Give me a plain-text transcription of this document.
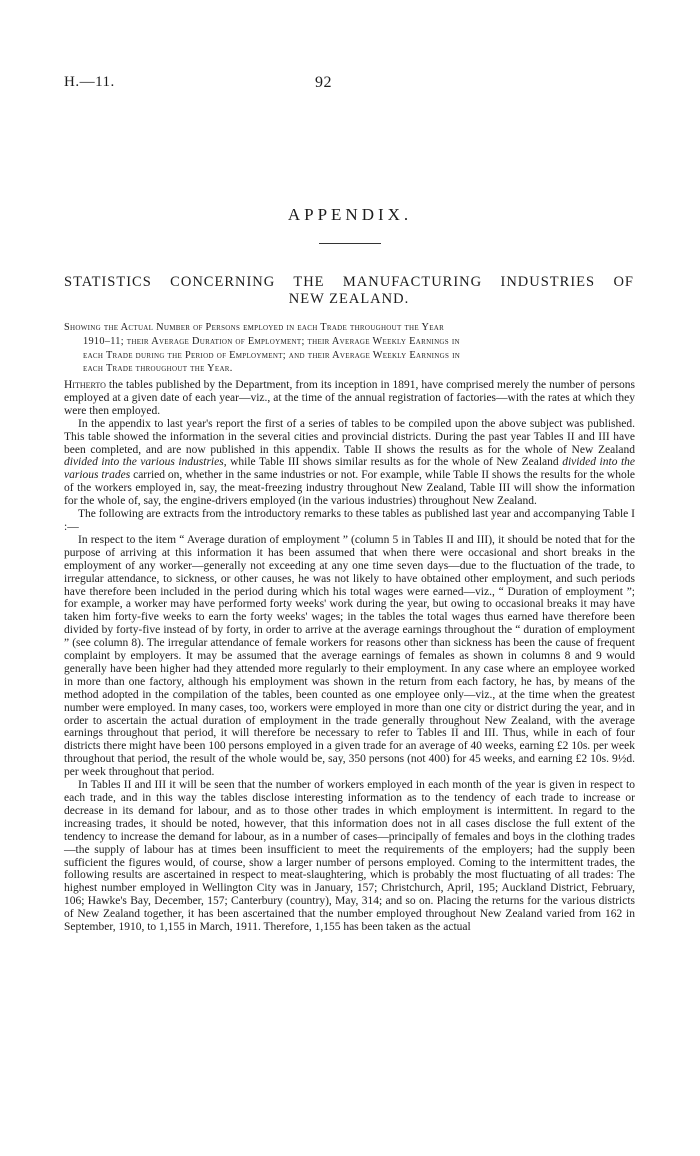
H.—11.	92
APPENDIX.
STATISTICS CONCERNING THE MANUFACTURING INDUSTRIES OF
NEW ZEALAND.
Showing the Actual Number of Persons employed in each Trade throughout the Year
1910–11; their Average Duration of Employment; their Average Weekly Earnings in
each Trade during the Period of Employment; and their Average Weekly Earnings in
each Trade throughout the Year.

Hitherto the tables published by the Department, from its inception in 1891, have comprised merely the number of persons employed at a given date of each year—viz., at the time of the annual registration of factories—with the rates at which they were then employed.

In the appendix to last year's report the first of a series of tables to be compiled upon the above subject was published. This table showed the information in the several cities and provincial districts. During the past year Tables II and III have been completed, and are now published in this appendix. Table II shows the results as for the whole of New Zealand divided into the various industries, while Table III shows similar results as for the whole of New Zealand divided into the various trades carried on, whether in the same industries or not. For example, while Table II shows the results for the whole of the workers employed in, say, the meat-freezing industry throughout New Zealand, Table III will show the information for the whole of, say, the engine-drivers employed (in the various industries) throughout New Zealand.

The following are extracts from the introductory remarks to these tables as published last year and accompanying Table I :—

In respect to the item “ Average duration of employment ” (column 5 in Tables II and III), it should be noted that for the purpose of arriving at this information it has been assumed that when there were occasional and short breaks in the employment of any worker—generally not exceeding at any one time seven days—due to the fluctuation of the trade, to irregular attendance, to sickness, or other causes, he was not likely to have obtained other employment, and such periods have therefore been included in the period during which his total wages were earned—viz., “ Duration of employment ”; for example, a worker may have performed forty weeks' work during the year, but owing to occasional breaks it may have taken him forty-five weeks to earn the forty weeks' wages; in the tables the total wages thus earned have therefore been divided by forty-five instead of by forty, in order to arrive at the average earnings throughout the “ duration of employment ” (see column 8). The irregular attendance of female workers for reasons other than sickness has been the cause of frequent complaint by employers. It may be assumed that the average earnings of females as shown in columns 8 and 9 would generally have been higher had they attended more regularly to their employment. In any case where an employee worked in more than one factory, although his employment was shown in the return from each factory, he has, by means of the method adopted in the compilation of the tables, been counted as one employee only—viz., at the time when the greatest number were employed. In many cases, too, workers were employed in more than one city or district during the year, and in order to ascertain the actual duration of employment in the trade generally throughout New Zealand, with the average earnings throughout that period, it will therefore be necessary to refer to Tables II and III. Thus, while in each of four districts there might have been 100 persons employed in a given trade for an average of 40 weeks, earning £2 10s. per week throughout that period, the result of the whole would be, say, 350 persons (not 400) for 45 weeks, and earning £2 10s. 9½d. per week throughout that period.

In Tables II and III it will be seen that the number of workers employed in each month of the year is given in respect to each trade, and in this way the tables disclose interesting information as to the tendency of each trade to increase or decrease in its demand for labour, and as to those other trades in which employment is intermittent. In regard to the increasing trades, it should be noted, however, that this information does not in all cases disclose the full extent of the tendency to increase the demand for labour, as in a number of cases—principally of females and boys in the clothing trades—the supply of labour has at times been insufficient to meet the requirements of the employers; had the supply been sufficient the figures would, of course, show a larger number of persons employed. Coming to the intermittent trades, the following results are ascertained in respect to meat-slaughtering, which is probably the most fluctuating of all trades: The highest number employed in Wellington City was in January, 157; Christchurch, April, 195; Auckland District, February, 106; Hawke's Bay, December, 157; Canterbury (country), May, 314; and so on. Placing the returns for the various districts of New Zealand together, it has been ascertained that the number employed throughout New Zealand varied from 162 in September, 1910, to 1,155 in March, 1911. Therefore, 1,155 has been taken as the actual
